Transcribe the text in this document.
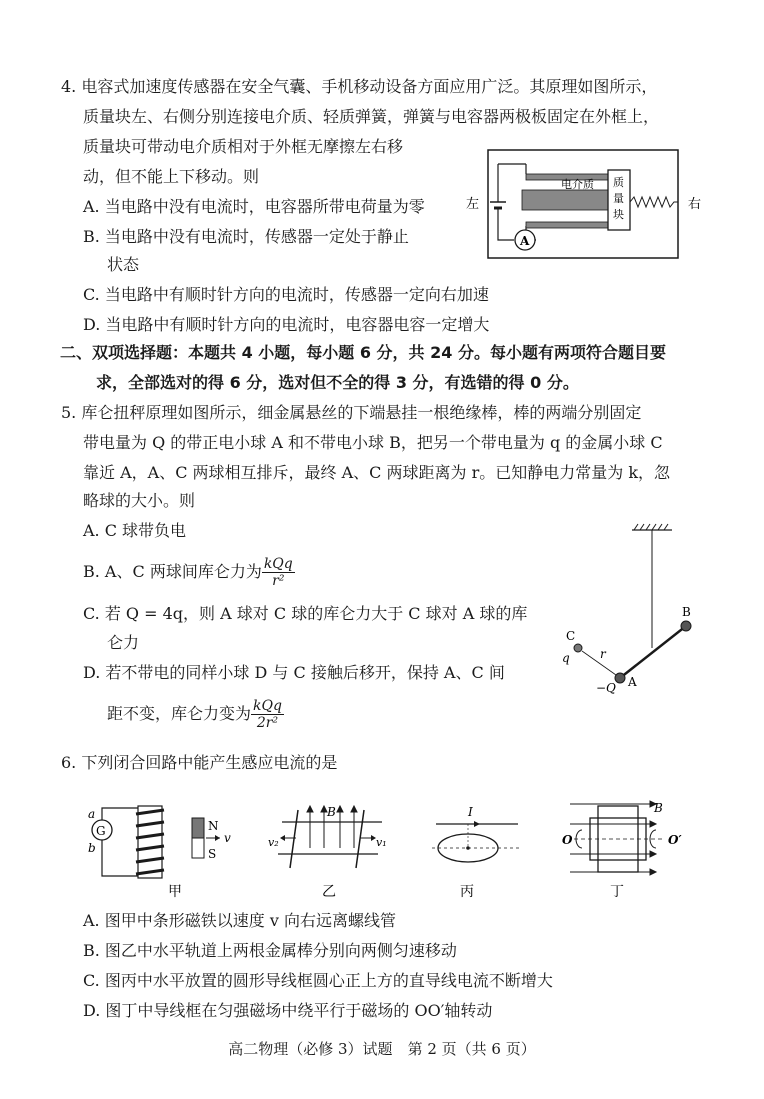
4. 电容式加速度传感器在安全气囊、手机移动设备方面应用广泛。其原理如图所示，
质量块左、右侧分别连接电介质、轻质弹簧，弹簧与电容器两极板固定在外框上，
质量块可带动电介质相对于外框无摩擦左右移
动，但不能上下移动。则
A. 当电路中没有电流时，电容器所带电荷量为零
B. 当电路中没有电流时，传感器一定处于静止
状态
C. 当电路中有顺时针方向的电流时，传感器一定向右加速
D. 当电路中有顺时针方向的电流时，电容器电容一定增大
A
电介质 质
量
块
左	右
二、双项选择题：本题共 4 小题，每小题 6 分，共 24 分。每小题有两项符合题目要
求，全部选对的得 6 分，选对但不全的得 3 分，有选错的得 0 分。
5. 库仑扭秤原理如图所示，细金属悬丝的下端悬挂一根绝缘棒，棒的两端分别固定
带电量为 Q 的带正电小球 A 和不带电小球 B，把另一个带电量为 q 的金属小球 C
靠近 A，A、C 两球相互排斥，最终 A、C 两球距离为 r。已知静电力常量为 k，忽
略球的大小。则
A. C 球带负电
B. A、C 两球间库仑力为 $\frac{\text{kQq}}{\text{r²}}$
C. 若 Q = 4q，则 A 球对 C 球的库仑力大于 C 球对 A 球的库
仑力
D. 若不带电的同样小球 D 与 C 接触后移开，保持 A、C 间
距不变，库仑力变为 $\frac{\text{kQq}}{\text{2r²}}$
B
C
q	r
A
−Q
6. 下列闭合回路中能产生感应电流的是
G
a
b
N
S
v
甲
B
v₂	v₁
乙
I
丙
B
O	O′
丁
A. 图甲中条形磁铁以速度 v 向右远离螺线管
B. 图乙中水平轨道上两根金属棒分别向两侧匀速移动
C. 图丙中水平放置的圆形导线框圆心正上方的直导线电流不断增大
D. 图丁中导线框在匀强磁场中绕平行于磁场的 OO′轴转动
高二物理（必修 3）试题　第 2 页（共 6 页）
